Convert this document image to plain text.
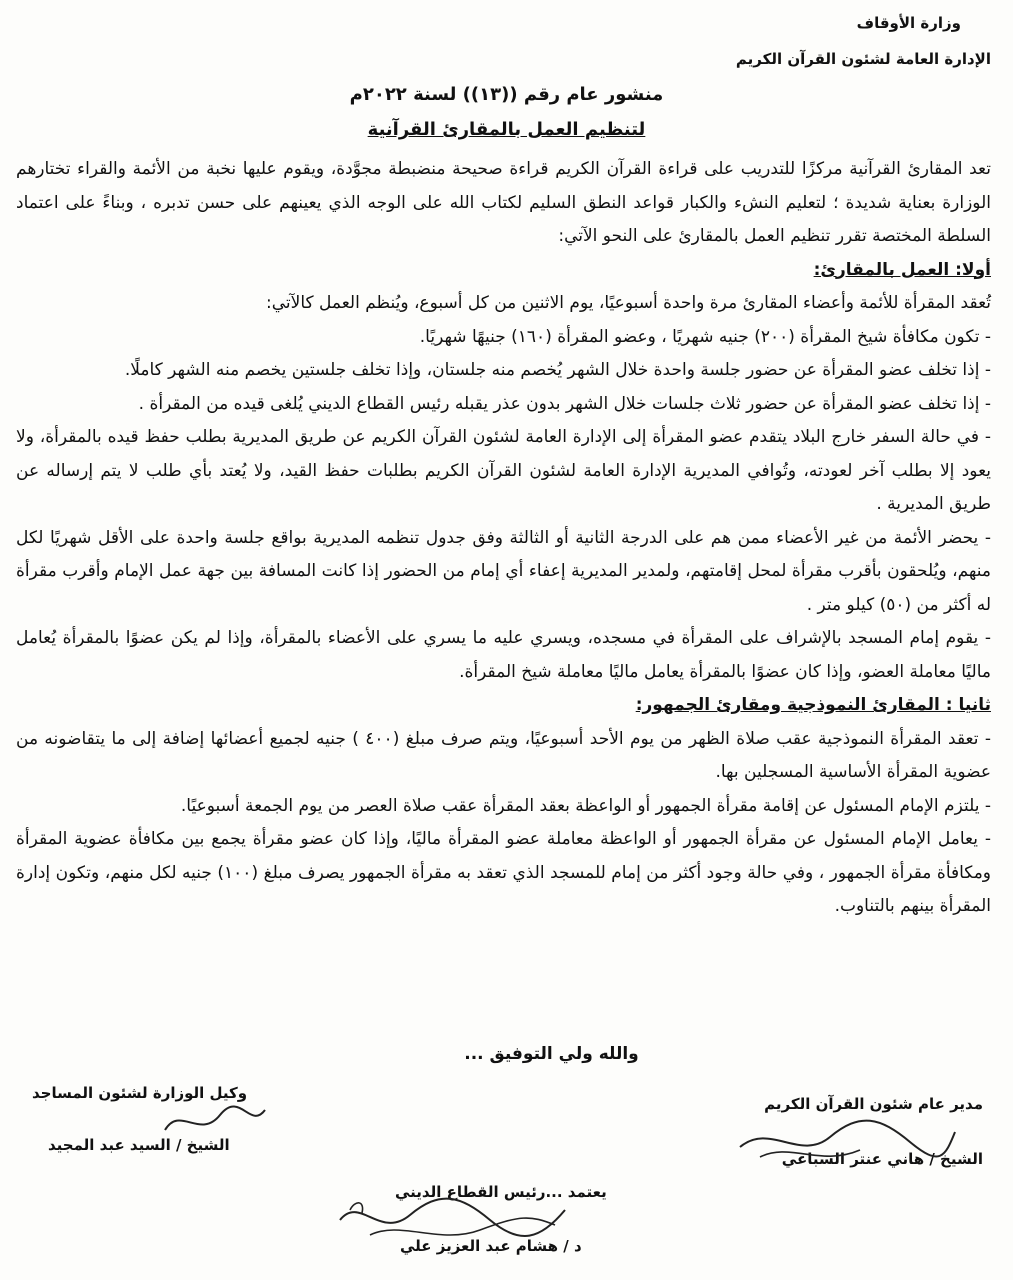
وزارة الأوقاف
الإدارة العامة لشئون القرآن الكريم
منشور عام رقم ((١٣)) لسنة ٢٠٢٢م
لتنظيم العمل بالمقارئ القرآنية

تعد المقارئ القرآنية مركزًا للتدريب على قراءة القرآن الكريم قراءة صحيحة منضبطة مجوَّدة، ويقوم عليها نخبة من الأئمة والقراء تختارهم الوزارة بعناية شديدة ؛ لتعليم النشء والكبار قواعد النطق السليم لكتاب الله على الوجه الذي يعينهم على حسن تدبره ، وبناءً على اعتماد السلطة المختصة تقرر تنظيم العمل بالمقارئ على النحو الآتي:

أولا: العمل بالمقارئ:

تُعقد المقرأة للأئمة وأعضاء المقارئ مرة واحدة أسبوعيًا، يوم الاثنين من كل أسبوع، ويُنظم العمل كالآتي:

- تكون مكافأة شيخ المقرأة (٢٠٠) جنيه شهريًا ، وعضو المقرأة (١٦٠) جنيهًا شهريًا.

- إذا تخلف عضو المقرأة عن حضور جلسة واحدة خلال الشهر يُخصم منه جلستان، وإذا تخلف جلستين يخصم منه الشهر كاملًا.

- إذا تخلف عضو المقرأة عن حضور ثلاث جلسات خلال الشهر بدون عذر يقبله رئيس القطاع الديني يُلغى قيده من المقرأة .

- في حالة السفر خارج البلاد يتقدم عضو المقرأة إلى الإدارة العامة لشئون القرآن الكريم عن طريق المديرية بطلب حفظ قيده بالمقرأة، ولا يعود إلا بطلب آخر لعودته، وتُوافي المديرية الإدارة العامة لشئون القرآن الكريم بطلبات حفظ القيد، ولا يُعتد بأي طلب لا يتم إرساله عن طريق المديرية .

- يحضر الأئمة من غير الأعضاء ممن هم على الدرجة الثانية أو الثالثة وفق جدول تنظمه المديرية بواقع جلسة واحدة على الأقل شهريًا لكل منهم، ويُلحقون بأقرب مقرأة لمحل إقامتهم، ولمدير المديرية إعفاء أي إمام من الحضور إذا كانت المسافة بين جهة عمل الإمام وأقرب مقرأة له أكثر من (٥٠) كيلو متر .

- يقوم إمام المسجد بالإشراف على المقرأة في مسجده، ويسري عليه ما يسري على الأعضاء بالمقرأة، وإذا لم يكن عضوًا بالمقرأة يُعامل ماليًا معاملة العضو، وإذا كان عضوًا بالمقرأة يعامل ماليًا معاملة شيخ المقرأة.

ثانيا : المقارئ النموذجية ومقارئ الجمهور:

- تعقد المقرأة النموذجية عقب صلاة الظهر من يوم الأحد أسبوعيًا، ويتم صرف مبلغ (٤٠٠ ) جنيه لجميع أعضائها إضافة إلى ما يتقاضونه من عضوية المقرأة الأساسية المسجلين بها.

- يلتزم الإمام المسئول عن إقامة مقرأة الجمهور أو الواعظة بعقد المقرأة عقب صلاة العصر من يوم الجمعة أسبوعيًا.

- يعامل الإمام المسئول عن مقرأة الجمهور أو الواعظة معاملة عضو المقرأة ماليًا، وإذا كان عضو مقرأة يجمع بين مكافأة عضوية المقرأة ومكافأة مقرأة الجمهور ، وفي حالة وجود أكثر من إمام للمسجد الذي تعقد به مقرأة الجمهور يصرف مبلغ (١٠٠) جنيه لكل منهم، وتكون إدارة المقرأة بينهم بالتناوب.

والله ولي التوفيق ...
مدير عام شئون القرآن الكريم
الشيخ / هاني عنتر السباعي
وكيل الوزارة لشئون المساجد
الشيخ / السيد عبد المجيد
يعتمد ...رئيس القطاع الديني
د / هشام عبد العزيز علي
